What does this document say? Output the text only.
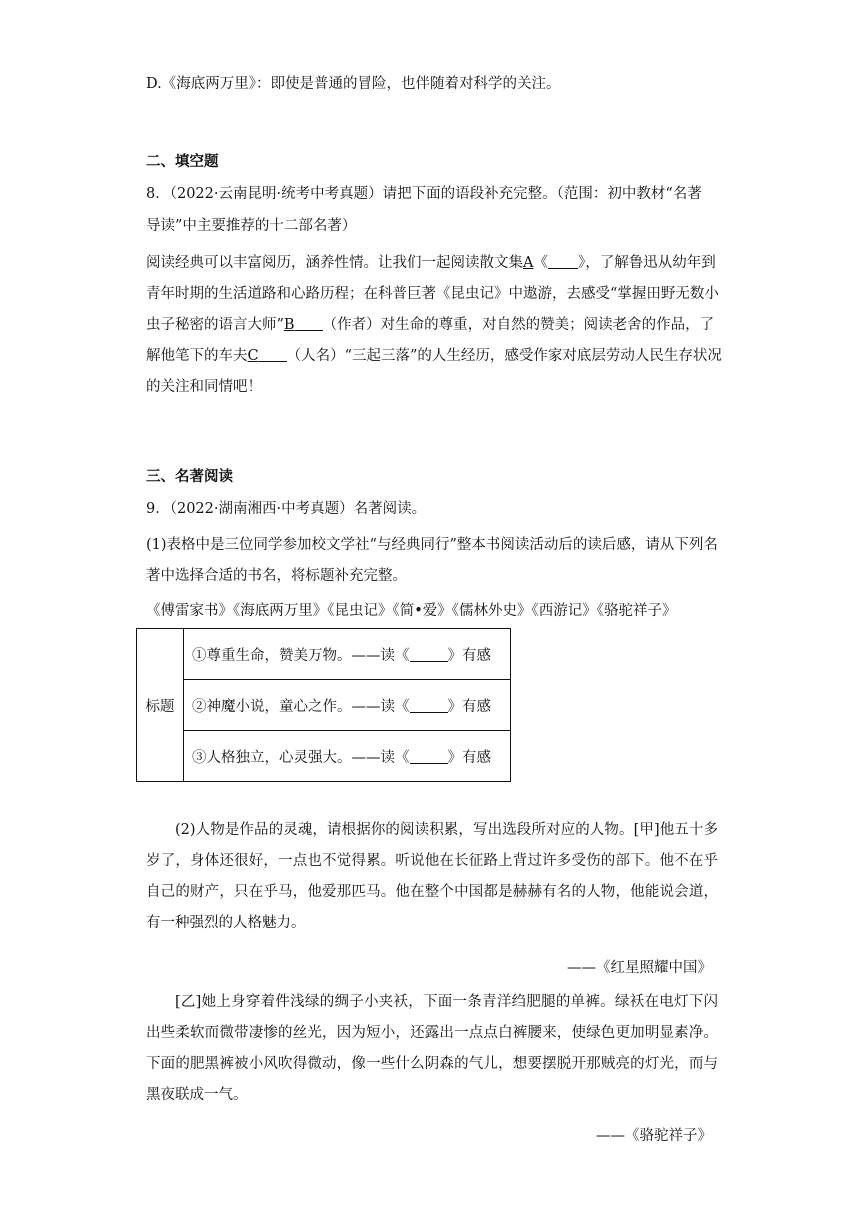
D.《海底两万里》：即使是普通的冒险，也伴随着对科学的关注。
二、填空题
8．（2022·云南昆明·统考中考真题）请把下面的语段补充完整。（范围：初中教材“名著
导读”中主要推荐的十二部名著）
阅读经典可以丰富阅历，涵养性情。让我们一起阅读散文集A《 》，了解鲁迅从幼年到青年时期的生活道路和心路历程；在科普巨著《昆虫记》中遨游，去感受“掌握田野无数小虫子秘密的语言大师”B （作者）对生命的尊重，对自然的赞美；阅读老舍的作品，了解他笔下的车夫C （人名）“三起三落”的人生经历，感受作家对底层劳动人民生存状况的关注和同情吧！
三、名著阅读
9．（2022·湖南湘西·中考真题）名著阅读。
(1)表格中是三位同学参加校文学社“与经典同行”整本书阅读活动后的读后感，请从下列名著中选择合适的书名，将标题补充完整。
《傅雷家书》《海底两万里》《昆虫记》《简•爱》《儒林外史》《西游记》《骆驼祥子》
标题	①尊重生命，赞美万物。——读《	》有感
②神魔小说，童心之作。——读《	》有感
③人格独立，心灵强大。——读《	》有感
(2)人物是作品的灵魂，请根据你的阅读积累，写出选段所对应的人物。[甲]他五十多岁了，身体还很好，一点也不觉得累。听说他在长征路上背过许多受伤的部下。他不在乎自己的财产，只在乎马，他爱那匹马。他在整个中国都是赫赫有名的人物，他能说会道，有一种强烈的人格魅力。
——《红星照耀中国》
[乙]她上身穿着件浅绿的绸子小夹袄，下面一条青洋绉肥腿的单裤。绿袄在电灯下闪出些柔软而微带凄惨的丝光，因为短小，还露出一点点白裤腰来，使绿色更加明显素净。下面的肥黑裤被小风吹得微动，像一些什么阴森的气儿，想要摆脱开那贼亮的灯光，而与黑夜联成一气。
——《骆驼祥子》
